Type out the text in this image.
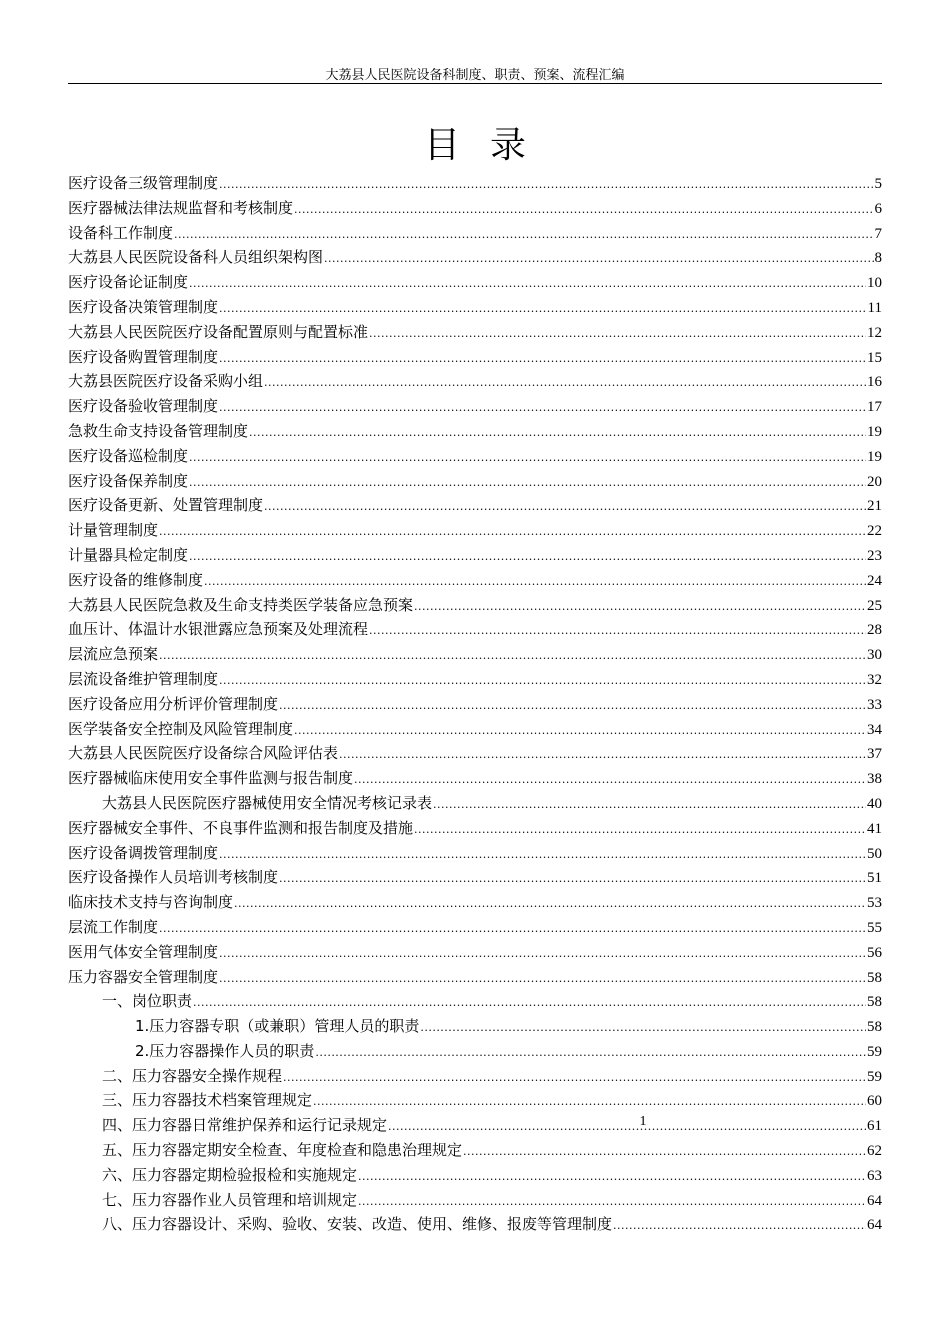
大荔县人民医院设备科制度、职责、预案、流程汇编
目录
医疗设备三级管理制度 .....	5
医疗器械法律法规监督和考核制度 .....	6
设备科工作制度 .....	7
大荔县人民医院设备科人员组织架构图 .....	8
医疗设备论证制度 .....	10
医疗设备决策管理制度 .....	11
大荔县人民医院医疗设备配置原则与配置标准 .....	12
医疗设备购置管理制度 .....	15
大荔县医院医疗设备采购小组 .....	16
医疗设备验收管理制度 .....	17
急救生命支持设备管理制度 .....	19
医疗设备巡检制度 .....	19
医疗设备保养制度 .....	20
医疗设备更新、处置管理制度 .....	21
计量管理制度 .....	22
计量器具检定制度 .....	23
医疗设备的维修制度 .....	24
大荔县人民医院急救及生命支持类医学装备应急预案 .....	25
血压计、体温计水银泄露应急预案及处理流程 .....	28
层流应急预案 .....	30
层流设备维护管理制度 .....	32
医疗设备应用分析评价管理制度 .....	33
医学装备安全控制及风险管理制度 .....	34
大荔县人民医院医疗设备综合风险评估表 .....	37
医疗器械临床使用安全事件监测与报告制度 .....	38
大荔县人民医院医疗器械使用安全情况考核记录表 .....	40
医疗器械安全事件、不良事件监测和报告制度及措施 .....	41
医疗设备调拨管理制度 .....	50
医疗设备操作人员培训考核制度 .....	51
临床技术支持与咨询制度 .....	53
层流工作制度 .....	55
医用气体安全管理制度 .....	56
压力容器安全管理制度 .....	58
一、岗位职责 .....	58
1.压力容器专职（或兼职）管理人员的职责 .....	58
2.压力容器操作人员的职责 .....	59
二、压力容器安全操作规程 .....	59
三、压力容器技术档案管理规定 .....	60
四、压力容器日常维护保养和运行记录规定 .....	61
五、压力容器定期安全检查、年度检查和隐患治理规定 .....	62
六、压力容器定期检验报检和实施规定 .....	63
七、压力容器作业人员管理和培训规定 .....	64
八、压力容器设计、采购、验收、安装、改造、使用、维修、报废等管理制度 .....	64
1
